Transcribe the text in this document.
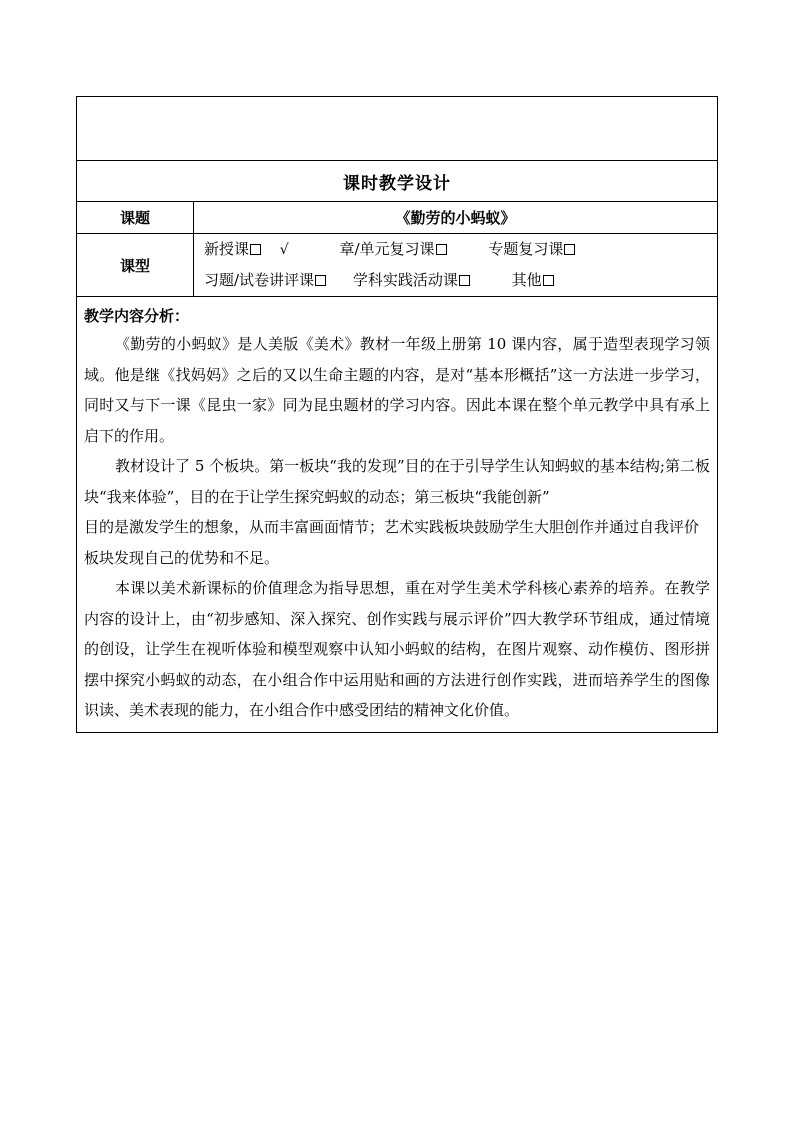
课时教学设计	
课题	《勤劳的小蚂蚁》
课型	新授课 √ 章/单元复习课 专题复习课
习题/试卷讲评课 学科实践活动课 其他

教学内容分析：

《勤劳的小蚂蚁》是人美版《美术》教材一年级上册第 10 课内容，属于造型表现学习领域。他是继《找妈妈》之后的又以生命主题的内容，是对“基本形概括”这一方法进一步学习，同时又与下一课《昆虫一家》同为昆虫题材的学习内容。因此本课在整个单元教学中具有承上启下的作用。

教材设计了 5 个板块。第一板块“我的发现”目的在于引导学生认知蚂蚁的基本结构;第二板块“我来体验”，目的在于让学生探究蚂蚁的动态；第三板块“我能创新”

目的是激发学生的想象，从而丰富画面情节；艺术实践板块鼓励学生大胆创作并通过自我评价板块发现自己的优势和不足。

本课以美术新课标的价值理念为指导思想，重在对学生美术学科核心素养的培养。在教学内容的设计上，由“初步感知、深入探究、创作实践与展示评价”四大教学环节组成，通过情境的创设，让学生在视听体验和模型观察中认知小蚂蚁的结构，在图片观察、动作模仿、图形拼摆中探究小蚂蚁的动态，在小组合作中运用贴和画的方法进行创作实践，进而培养学生的图像识读、美术表现的能力，在小组合作中感受团结的精神文化价值。	
